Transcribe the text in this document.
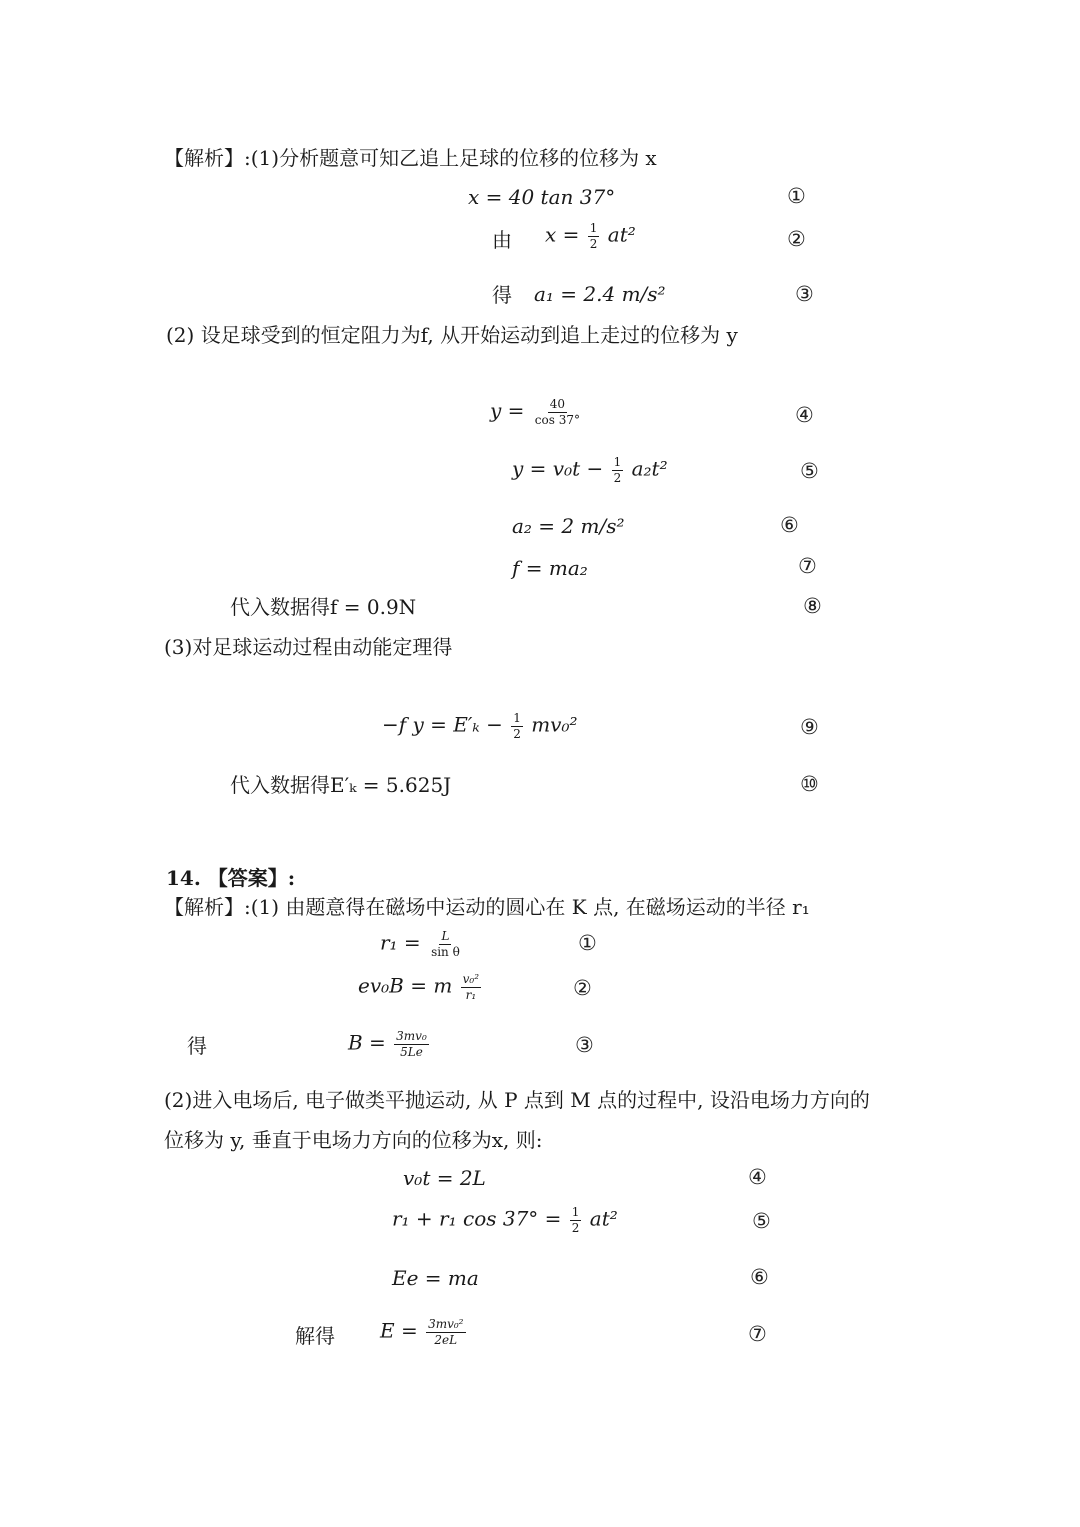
【解析】:(1)分析题意可知乙追上足球的位移的位移为 x
x = 40 tan 37°	①
由 $x = \frac{1}{2} at^2$	②
得 a₁ = 2.4 m/s²	③
(2) 设足球受到的恒定阻力为f, 从开始运动到追上走过的位移为 y
$y = \frac{40}{\cos 37^\circ}$	④
$y = v_0t - \frac{1}{2} a_2t^2$	⑤
a₂ = 2 m/s²	⑥
f = ma₂	⑦
代入数据得f = 0.9N	⑧
(3)对足球运动过程由动能定理得
−f $y = E'_k - \frac{1}{2} mv_0^2$	⑨
代入数据得E′ₖ = 5.625J	⑩
14. 【答案】:
【解析】:(1) 由题意得在磁场中运动的圆心在 K 点, 在磁场运动的半径 r₁
$r_1 = \frac{L}{\text{sin θ}}$	①
ev₀B = m $\frac{\text{v₀²}}{\text{r₁}}$	②
得	$B = \frac{\text{3mv₀}}{5Le}$	③
(2)进入电场后, 电子做类平抛运动, 从 P 点到 M 点的过程中, 设沿电场力方向的
位移为 y, 垂直于电场力方向的位移为x, 则:
v₀t = 2L	④
r₁ + r₁ $\cos 37^\circ = \frac{1}{2} at^2$	⑤
Ee = ma	⑥
解得 $E = \frac{\text{3mv₀²}}{2eL}$	⑦
